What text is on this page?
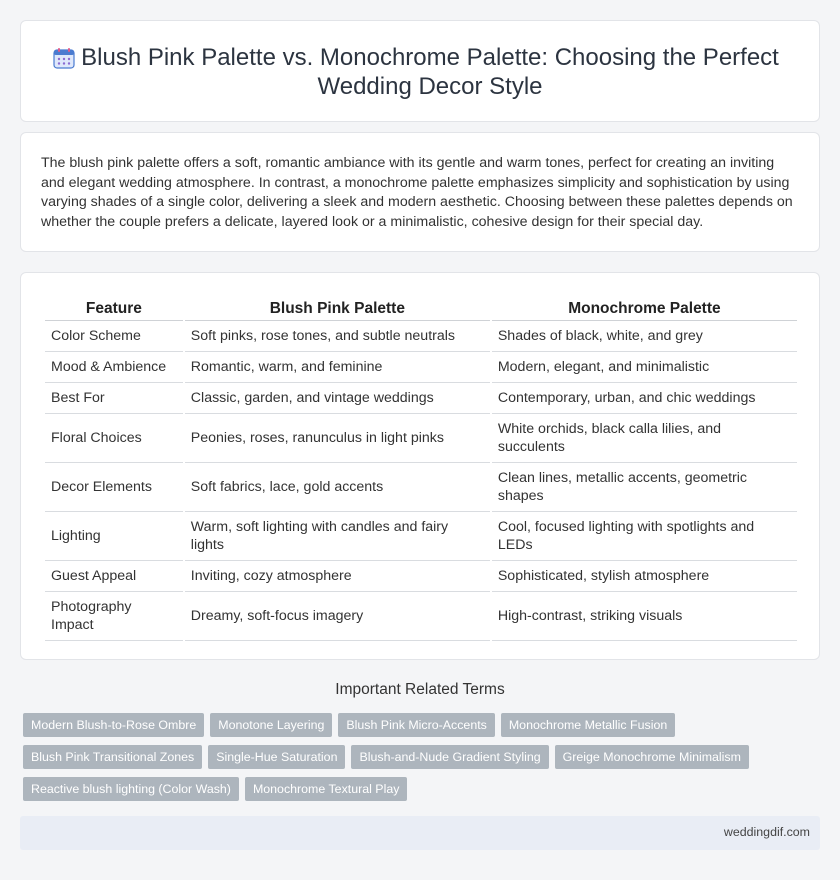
Blush Pink Palette vs. Monochrome Palette: Choosing the Perfect Wedding Decor Style

The blush pink palette offers a soft, romantic ambiance with its gentle and warm tones, perfect for creating an inviting and elegant wedding atmosphere. In contrast, a monochrome palette emphasizes simplicity and sophistication by using varying shades of a single color, delivering a sleek and modern aesthetic. Choosing between these palettes depends on whether the couple prefers a delicate, layered look or a minimalistic, cohesive design for their special day.

Feature	Blush Pink Palette	Monochrome Palette
Color Scheme	Soft pinks, rose tones, and subtle neutrals	Shades of black, white, and grey
Mood & Ambience	Romantic, warm, and feminine	Modern, elegant, and minimalistic
Best For	Classic, garden, and vintage weddings	Contemporary, urban, and chic weddings
Floral Choices	Peonies, roses, ranunculus in light pinks	White orchids, black calla lilies, and succulents
Decor Elements	Soft fabrics, lace, gold accents	Clean lines, metallic accents, geometric shapes
Lighting	Warm, soft lighting with candles and fairy lights	Cool, focused lighting with spotlights and LEDs
Guest Appeal	Inviting, cozy atmosphere	Sophisticated, stylish atmosphere
Photography Impact	Dreamy, soft-focus imagery	High-contrast, striking visuals
Important Related Terms
Modern Blush-to-Rose Ombre	Monotone Layering	Blush Pink Micro-Accents	Monochrome Metallic Fusion
Blush Pink Transitional Zones	Single-Hue Saturation	Blush-and-Nude Gradient Styling	Greige Monochrome Minimalism
Reactive blush lighting (Color Wash)	Monochrome Textural Play
weddingdif.com
